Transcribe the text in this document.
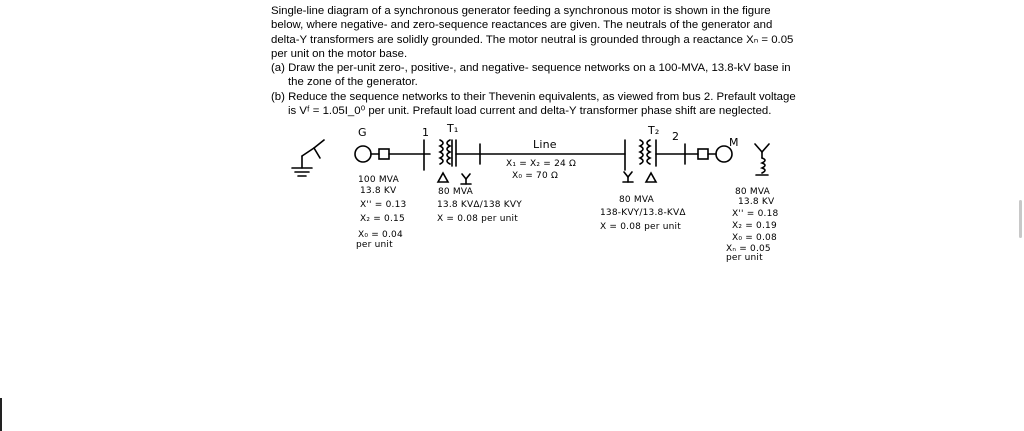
Single-line diagram of a synchronous generator feeding a synchronous motor is shown in the figure below, where negative- and zero-sequence reactances are given. The neutrals of the generator and delta-Y transformers are solidly grounded. The motor neutral is grounded through a reactance Xₙ = 0.05 per unit on the motor base.

(a) Draw the per-unit zero-, positive-, and negative- sequence networks on a 100-MVA, 13.8-kV base in the zone of the generator.

(b) Reduce the sequence networks to their Thevenin equivalents, as viewed from bus 2. Prefault voltage is Vᶠ = 1.05I_0⁰ per unit. Prefault load current and delta-Y transformer phase shift are neglected.

G	1 T₁
Line
X₁ = X₂ = 24 Ω
X₀ = 70 Ω
T₂ 2	M
100 MVA
13.8 KV
X'' = 0.13
X₂ = 0.15
X₀ = 0.04
per unit
80 MVA
13.8 KVΔ/138 KVY
X = 0.08 per unit
80 MVA
138-KVY/13.8-KVΔ
X = 0.08 per unit
80 MVA
13.8 KV
X'' = 0.18
X₂ = 0.19
X₀ = 0.08
Xₙ = 0.05
per unit
